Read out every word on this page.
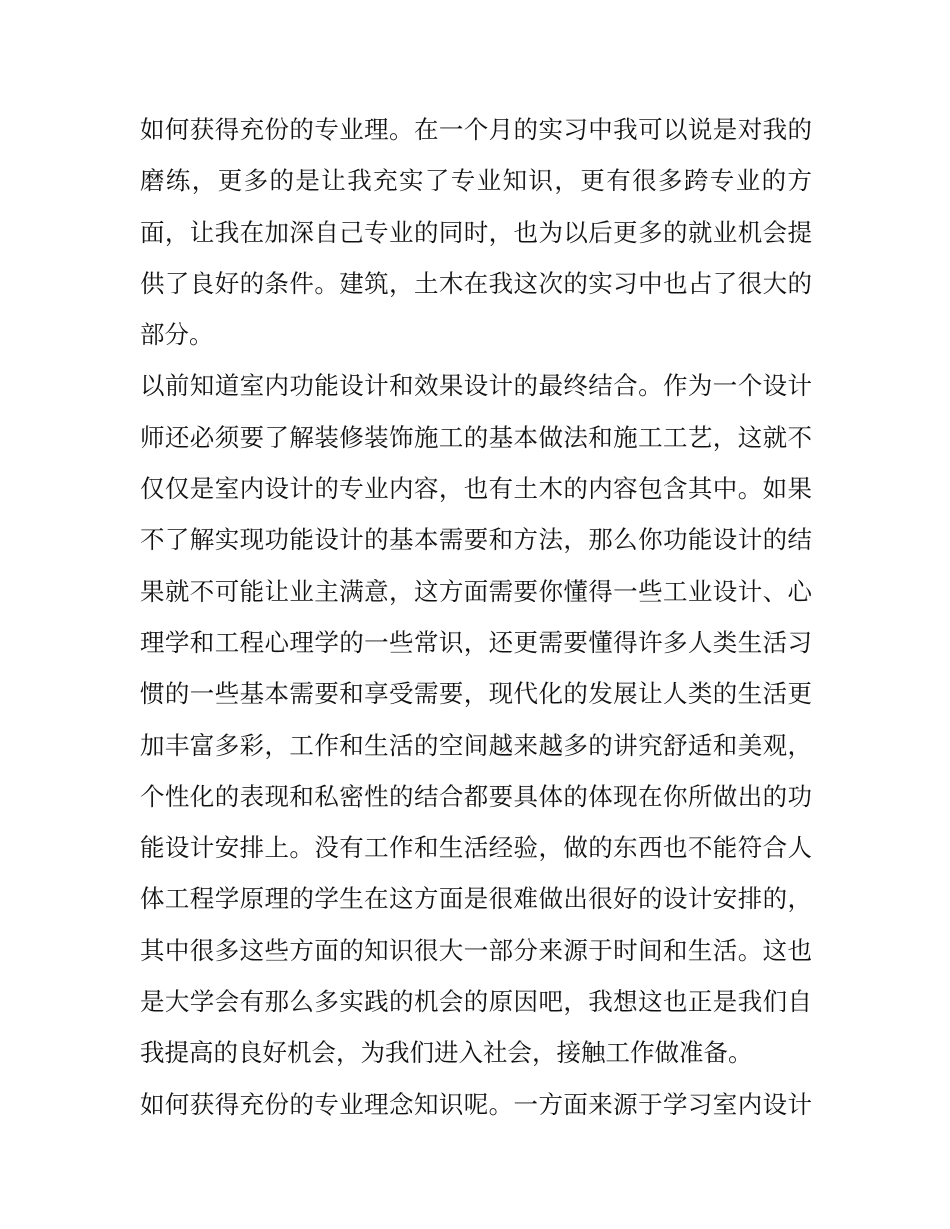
如何获得充份的专业理。在一个月的实习中我可以说是对我的
磨练，更多的是让我充实了专业知识，更有很多跨专业的方
面，让我在加深自己专业的同时，也为以后更多的就业机会提
供了良好的条件。建筑，土木在我这次的实习中也占了很大的
部分。
以前知道室内功能设计和效果设计的最终结合。作为一个设计
师还必须要了解装修装饰施工的基本做法和施工工艺，这就不
仅仅是室内设计的专业内容，也有土木的内容包含其中。如果
不了解实现功能设计的基本需要和方法，那么你功能设计的结
果就不可能让业主满意，这方面需要你懂得一些工业设计、心
理学和工程心理学的一些常识，还更需要懂得许多人类生活习
惯的一些基本需要和享受需要，现代化的发展让人类的生活更
加丰富多彩，工作和生活的空间越来越多的讲究舒适和美观，
个性化的表现和私密性的结合都要具体的体现在你所做出的功
能设计安排上。没有工作和生活经验，做的东西也不能符合人
体工程学原理的学生在这方面是很难做出很好的设计安排的，
其中很多这些方面的知识很大一部分来源于时间和生活。这也
是大学会有那么多实践的机会的原因吧，我想这也正是我们自
我提高的良好机会，为我们进入社会，接触工作做准备。
如何获得充份的专业理念知识呢。一方面来源于学习室内设计
